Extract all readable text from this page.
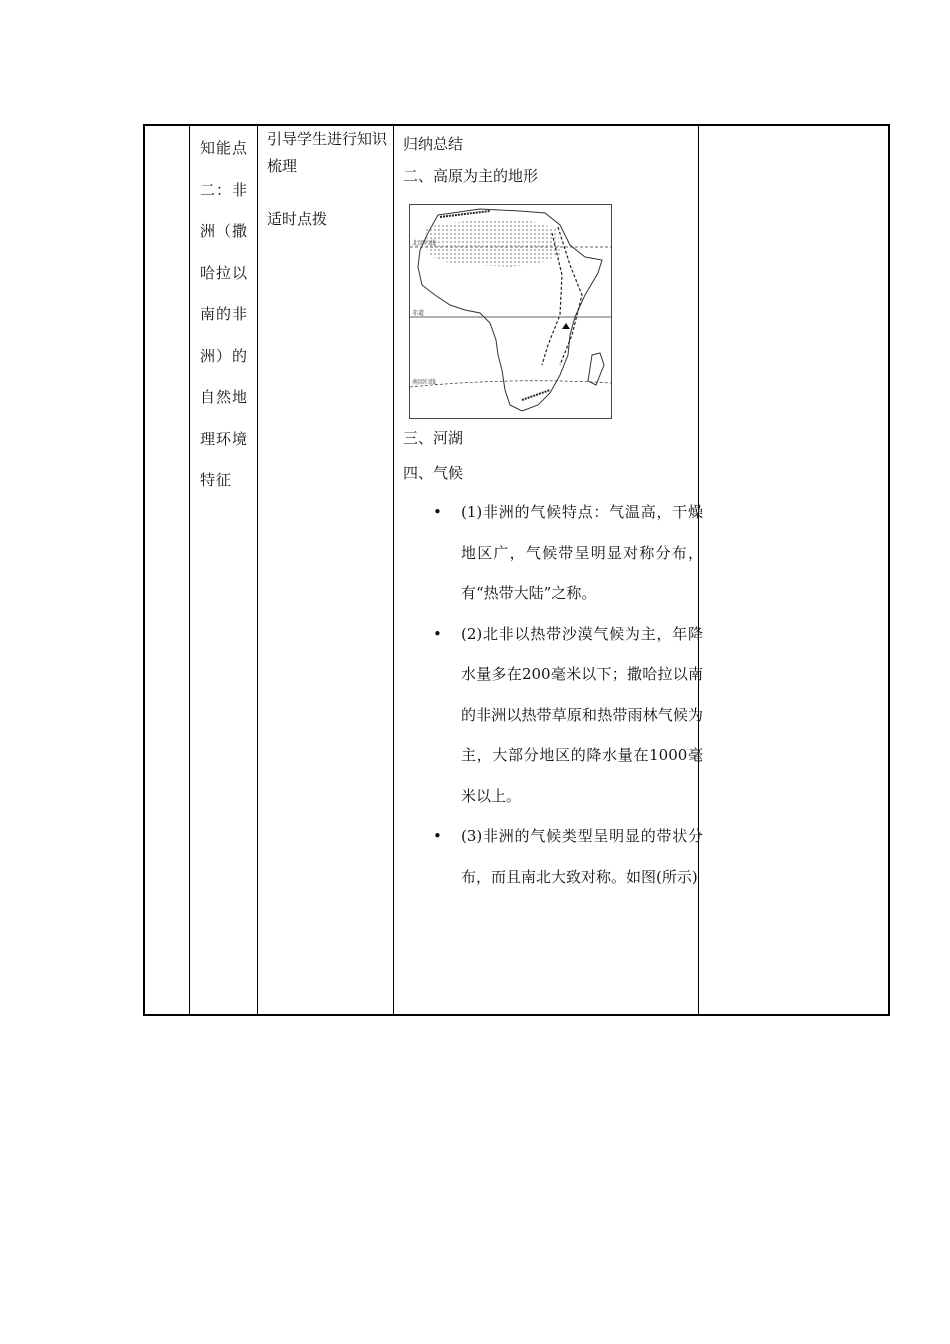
知能点二：非洲（撒哈拉以南的非洲）的自然地理环境特征

引导学生进行知识梳理

适时点拨

归纳总结

二、高原为主的地形

北回归线
赤道
南回归线

三、河湖

四、气候

• (1)非洲的气候特点：气温高，干燥地区广，气候带呈明显对称分布，有“热带大陆”之称。
• (2)北非以热带沙漠气候为主，年降水量多在200毫米以下；撒哈拉以南的非洲以热带草原和热带雨林气候为主，大部分地区的降水量在1000毫米以上。
• (3)非洲的气候类型呈明显的带状分布，而且南北大致对称。如图(所示)
